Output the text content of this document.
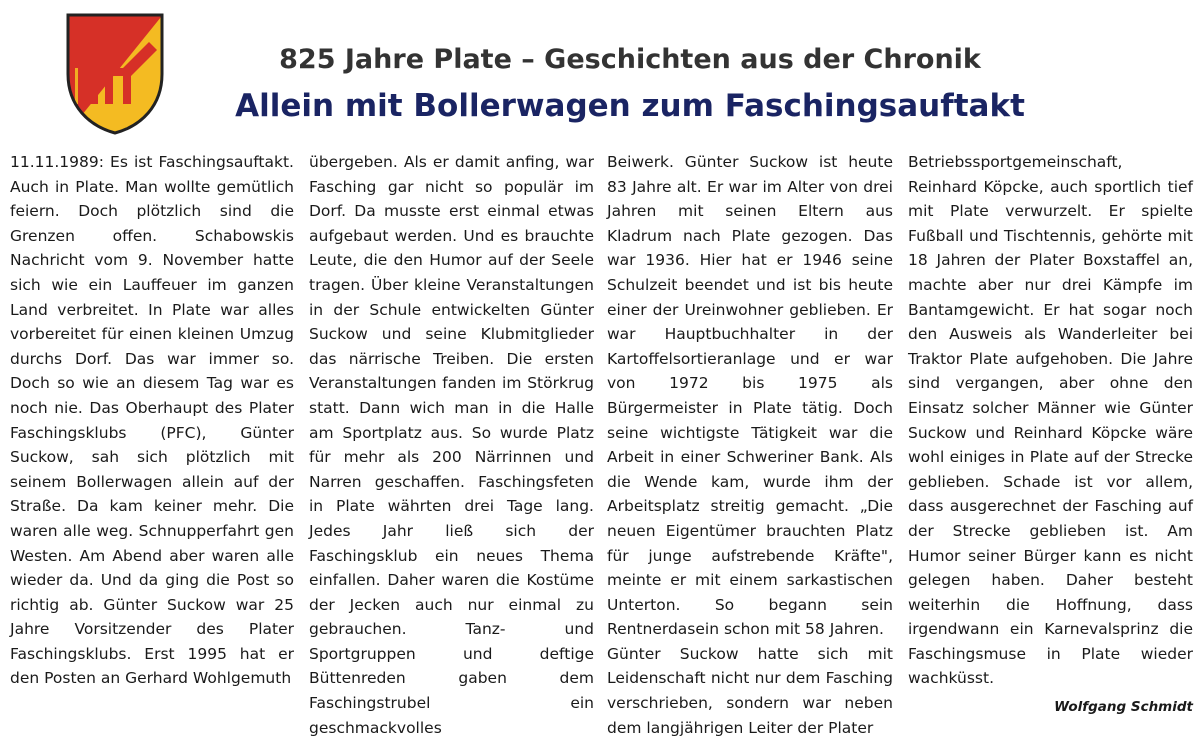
825 Jahre Plate – Geschichten aus der Chronik
Allein mit Bollerwagen zum Faschingsauftakt

11.11.1989: Es ist Faschingsauftakt. Auch in Plate. Man wollte gemütlich feiern. Doch plötzlich sind die Grenzen offen. Schabowskis Nachricht vom 9. November hatte sich wie ein Lauffeuer im ganzen Land verbreitet. In Plate war alles vorbereitet für einen kleinen Umzug durchs Dorf. Das war immer so. Doch so wie an diesem Tag war es noch nie. Das Oberhaupt des Plater Faschingsklubs (PFC), Günter Suckow, sah sich plötzlich mit seinem Bollerwagen allein auf der Straße. Da kam keiner mehr. Die waren alle weg. Schnupperfahrt gen Westen. Am Abend aber waren alle wieder da. Und da ging die Post so richtig ab. Günter Suckow war 25 Jahre Vorsitzender des Plater Faschingsklubs. Erst 1995 hat er den Posten an Gerhard Wohlgemuth

übergeben. Als er damit anfing, war Fasching gar nicht so populär im Dorf. Da musste erst einmal etwas aufgebaut werden. Und es brauchte Leute, die den Humor auf der Seele tragen. Über kleine Veranstaltungen in der Schule entwickelten Günter Suckow und seine Klubmitglieder das närrische Treiben. Die ersten Veranstaltungen fanden im Störkrug statt. Dann wich man in die Halle am Sportplatz aus. So wurde Platz für mehr als 200 Närrinnen und Narren geschaffen. Faschingsfeten in Plate währten drei Tage lang. Jedes Jahr ließ sich der Faschingsklub ein neues Thema einfallen. Daher waren die Kostüme der Jecken auch nur einmal zu gebrauchen. Tanz- und Sportgruppen und deftige Büttenreden gaben dem Faschingstrubel ein geschmackvolles

Beiwerk. Günter Suckow ist heute 83 Jahre alt. Er war im Alter von drei Jahren mit seinen Eltern aus Kladrum nach Plate gezogen. Das war 1936. Hier hat er 1946 seine Schulzeit beendet und ist bis heute einer der Ureinwohner geblieben. Er war Hauptbuchhalter in der Kartoffelsortieranlage und er war von 1972 bis 1975 als Bürgermeister in Plate tätig. Doch seine wichtigste Tätigkeit war die Arbeit in einer Schweriner Bank. Als die Wende kam, wurde ihm der Arbeitsplatz streitig gemacht. „Die neuen Eigentümer brauchten Platz für junge aufstrebende Kräfte", meinte er mit einem sarkastischen Unterton. So begann sein Rentnerdasein schon mit 58 Jahren.

Günter Suckow hatte sich mit Leidenschaft nicht nur dem Fasching verschrieben, sondern war neben dem langjährigen Leiter der Plater

Betriebssportgemeinschaft, Reinhard Köpcke, auch sportlich tief mit Plate verwurzelt. Er spielte Fußball und Tischtennis, gehörte mit 18 Jahren der Plater Boxstaffel an, machte aber nur drei Kämpfe im Bantamgewicht. Er hat sogar noch den Ausweis als Wanderleiter bei Traktor Plate aufgehoben. Die Jahre sind vergangen, aber ohne den Einsatz solcher Männer wie Günter Suckow und Reinhard Köpcke wäre wohl einiges in Plate auf der Strecke geblieben. Schade ist vor allem, dass ausgerechnet der Fasching auf der Strecke geblieben ist. Am Humor seiner Bürger kann es nicht gelegen haben. Daher besteht weiterhin die Hoffnung, dass irgendwann ein Karnevalsprinz die Faschingsmuse in Plate wieder wachküsst.

Wolfgang Schmidt
